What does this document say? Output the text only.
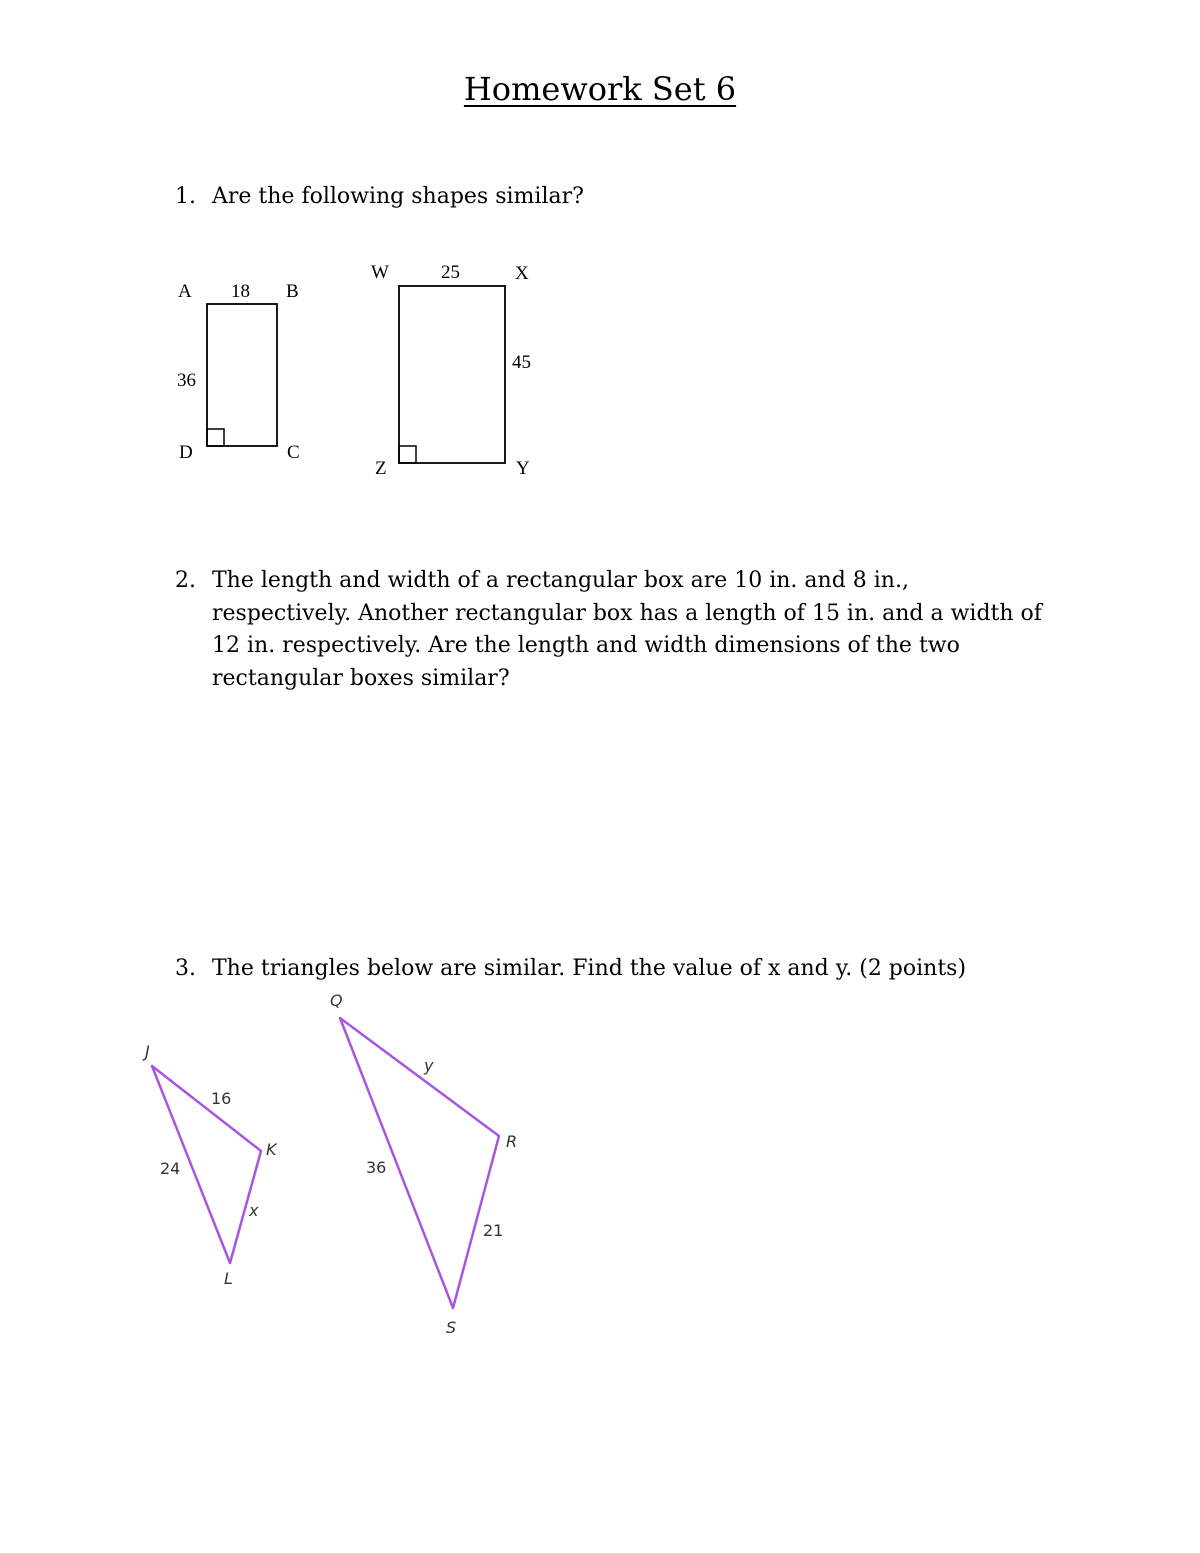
Homework Set 6
1. Are the following shapes similar?
2. The length and width of a rectangular box are 10 in. and 8 in., respectively. Another rectangular box has a length of 15 in. and a width of 12 in. respectively. Are the length and width dimensions of the two rectangular boxes similar?
3. The triangles below are similar. Find the value of x and y. (2 points)
A	B
C
D
18
36
W	X
Y
Z
25
45
J
K
L
16
24
x
Q
R
S
y
36
21
